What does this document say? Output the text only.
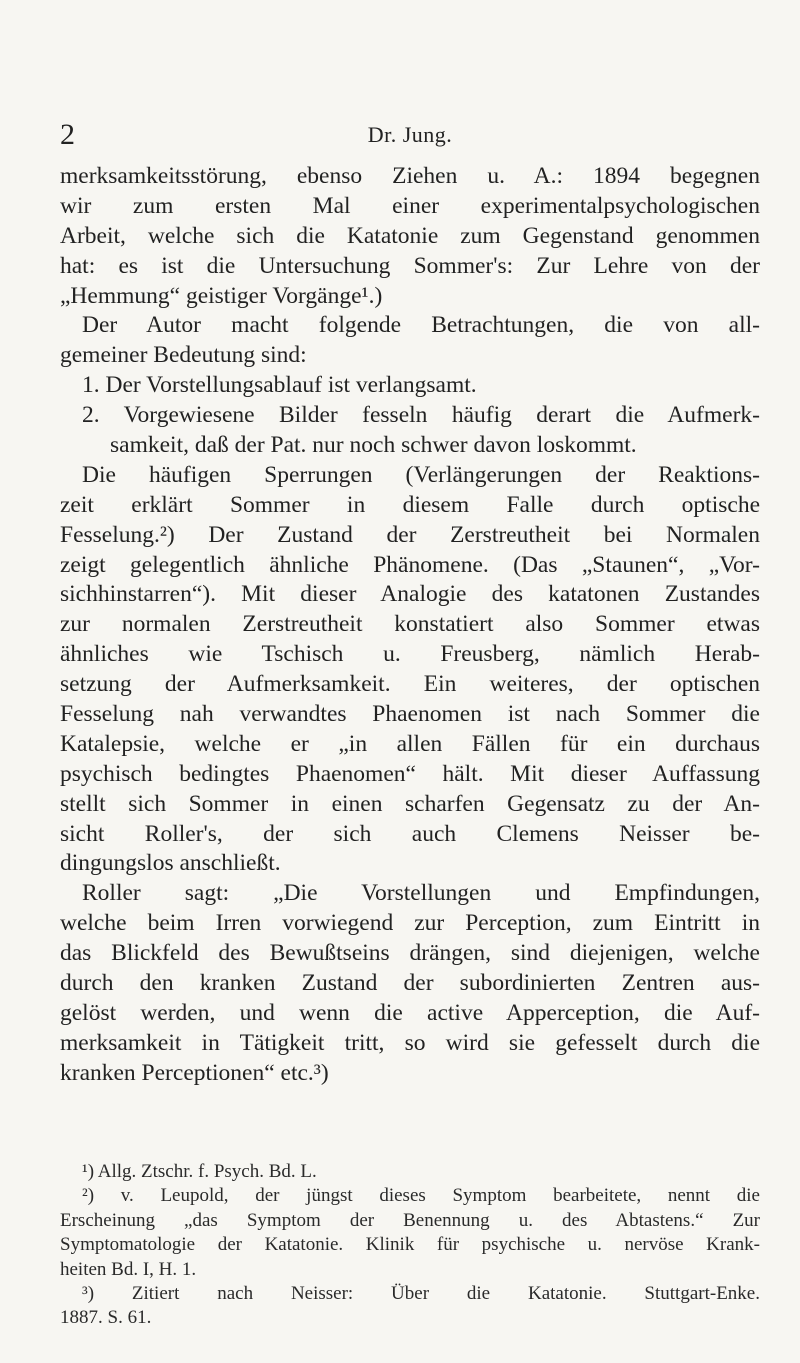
2	Dr. Jung.
merksamkeitsstörung, ebenso Ziehen u. A.: 1894 begegnen
wir zum ersten Mal einer experimentalpsychologischen
Arbeit, welche sich die Katatonie zum Gegenstand genommen
hat: es ist die Untersuchung Sommer's: Zur Lehre von der
„Hemmung“ geistiger Vorgänge¹.)
Der Autor macht folgende Betrachtungen, die von all-
gemeiner Bedeutung sind:
1. Der Vorstellungsablauf ist verlangsamt.
2. Vorgewiesene Bilder fesseln häufig derart die Aufmerk-
samkeit, daß der Pat. nur noch schwer davon loskommt.
Die häufigen Sperrungen (Verlängerungen der Reaktions-
zeit erklärt Sommer in diesem Falle durch optische
Fesselung.²) Der Zustand der Zerstreutheit bei Normalen
zeigt gelegentlich ähnliche Phänomene. (Das „Staunen“, „Vor-
sichhinstarren“). Mit dieser Analogie des katatonen Zustandes
zur normalen Zerstreutheit konstatiert also Sommer etwas
ähnliches wie Tschisch u. Freusberg, nämlich Herab-
setzung der Aufmerksamkeit. Ein weiteres, der optischen
Fesselung nah verwandtes Phaenomen ist nach Sommer die
Katalepsie, welche er „in allen Fällen für ein durchaus
psychisch bedingtes Phaenomen“ hält. Mit dieser Auffassung
stellt sich Sommer in einen scharfen Gegensatz zu der An-
sicht Roller's, der sich auch Clemens Neisser be-
dingungslos anschließt.
Roller sagt: „Die Vorstellungen und Empfindungen,
welche beim Irren vorwiegend zur Perception, zum Eintritt in
das Blickfeld des Bewußtseins drängen, sind diejenigen, welche
durch den kranken Zustand der subordinierten Zentren aus-
gelöst werden, und wenn die active Apperception, die Auf-
merksamkeit in Tätigkeit tritt, so wird sie gefesselt durch die
kranken Perceptionen“ etc.³)
¹) Allg. Ztschr. f. Psych. Bd. L.
²) v. Leupold, der jüngst dieses Symptom bearbeitete, nennt die
Erscheinung „das Symptom der Benennung u. des Abtastens.“ Zur
Symptomatologie der Katatonie. Klinik für psychische u. nervöse Krank-
heiten Bd. I, H. 1.
³) Zitiert nach Neisser: Über die Katatonie. Stuttgart-Enke.
1887. S. 61.
